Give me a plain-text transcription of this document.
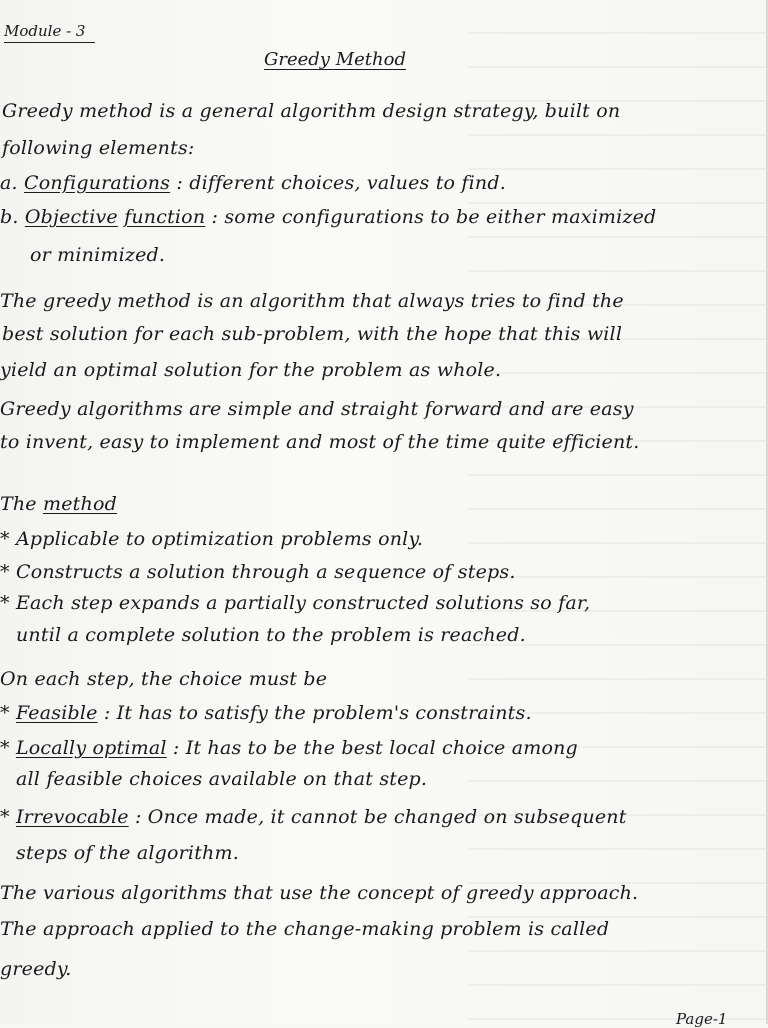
Module - 3
Greedy Method
Greedy method is a general algorithm design strategy, built on
following elements:
a. Configurations : different choices, values to find.
b. Objective function : some configurations to be either maximized
or minimized.
The greedy method is an algorithm that always tries to find the
best solution for each sub-problem, with the hope that this will
yield an optimal solution for the problem as whole.
Greedy algorithms are simple and straight forward and are easy
to invent, easy to implement and most of the time quite efficient.
The method
* Applicable to optimization problems only.
* Constructs a solution through a sequence of steps.
* Each step expands a partially constructed solutions so far,
until a complete solution to the problem is reached.
On each step, the choice must be
* Feasible : It has to satisfy the problem's constraints.
* Locally optimal : It has to be the best local choice among
all feasible choices available on that step.
* Irrevocable : Once made, it cannot be changed on subsequent
steps of the algorithm.
The various algorithms that use the concept of greedy approach.
The approach applied to the change-making problem is called
greedy.
Page-1
